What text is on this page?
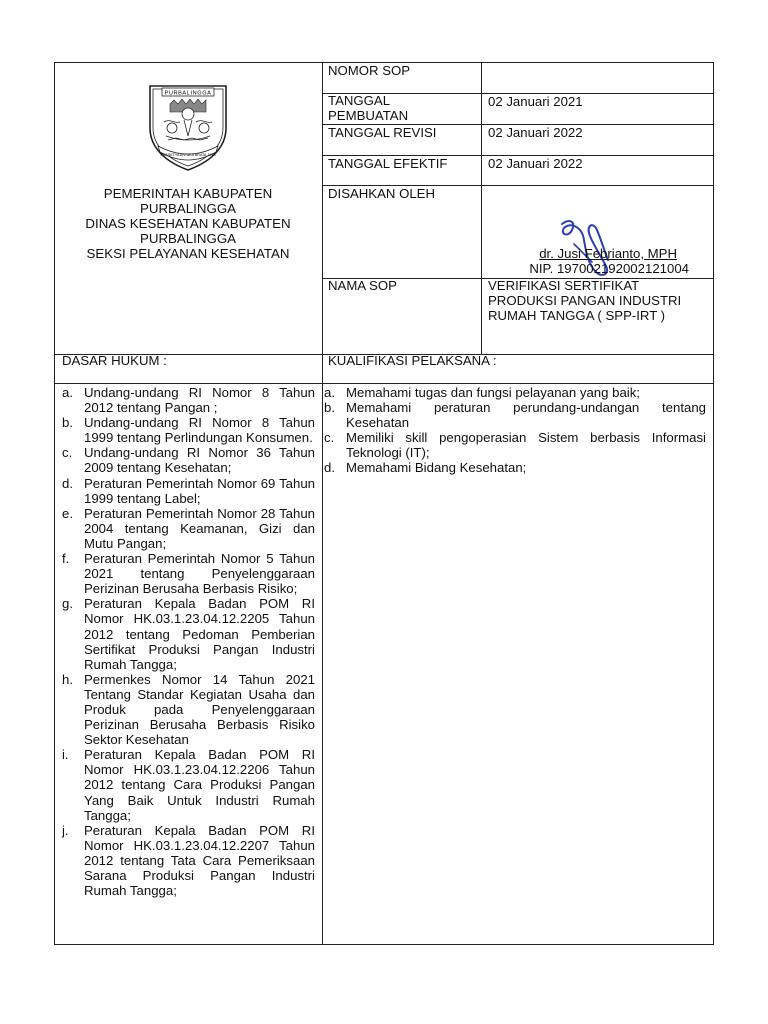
PURBALINGGA
PRASETYA ANTAKA BRATA JAYA
PEMERINTAH KABUPATEN
PURBALINGGA
DINAS KESEHATAN KABUPATEN
PURBALINGGA
SEKSI PELAYANAN KESEHATAN
NOMOR SOP
TANGGAL PEMBUATAN
02 Januari 2021
TANGGAL REVISI	02 Januari 2022
TANGGAL EFEKTIF	02 Januari 2022
DISAHKAN OLEH
dr. Jusi Febrianto, MPH
NIP. 197002192002121004
NAMA SOP	VERIFIKASI SERTIFIKAT PRODUKSI PANGAN INDUSTRI RUMAH TANGGA ( SPP-IRT )
DASAR HUKUM :	KUALIFIKASI PELAKSANA :
a. Undang-undang RI Nomor 8 Tahun 2012 tentang Pangan ;
b. Undang-undang RI Nomor 8 Tahun 1999 tentang Perlindungan Konsumen.
c. Undang-undang RI Nomor 36 Tahun 2009 tentang Kesehatan;
d. Peraturan Pemerintah Nomor 69 Tahun 1999 tentang Label;
e. Peraturan Pemerintah Nomor 28 Tahun 2004 tentang Keamanan, Gizi dan Mutu Pangan;
f. Peraturan Pemerintah Nomor 5 Tahun 2021 tentang Penyelenggaraan Perizinan Berusaha Berbasis Risiko;
g. Peraturan Kepala Badan POM RI Nomor HK.03.1.23.04.12.2205 Tahun 2012 tentang Pedoman Pemberian Sertifikat Produksi Pangan Industri Rumah Tangga;
h. Permenkes Nomor 14 Tahun 2021 Tentang Standar Kegiatan Usaha dan Produk pada Penyelenggaraan Perizinan Berusaha Berbasis Risiko Sektor Kesehatan
i. Peraturan Kepala Badan POM RI Nomor HK.03.1.23.04.12.2206 Tahun 2012 tentang Cara Produksi Pangan Yang Baik Untuk Industri Rumah Tangga;
j. Peraturan Kepala Badan POM RI Nomor HK.03.1.23.04.12.2207 Tahun 2012 tentang Tata Cara Pemeriksaan Sarana Produksi Pangan Industri Rumah Tangga;
a. Memahami tugas dan fungsi pelayanan yang baik;
b. Memahami peraturan perundang-undangan tentang Kesehatan
c. Memiliki skill pengoperasian Sistem berbasis Informasi Teknologi (IT);
d. Memahami Bidang Kesehatan;
